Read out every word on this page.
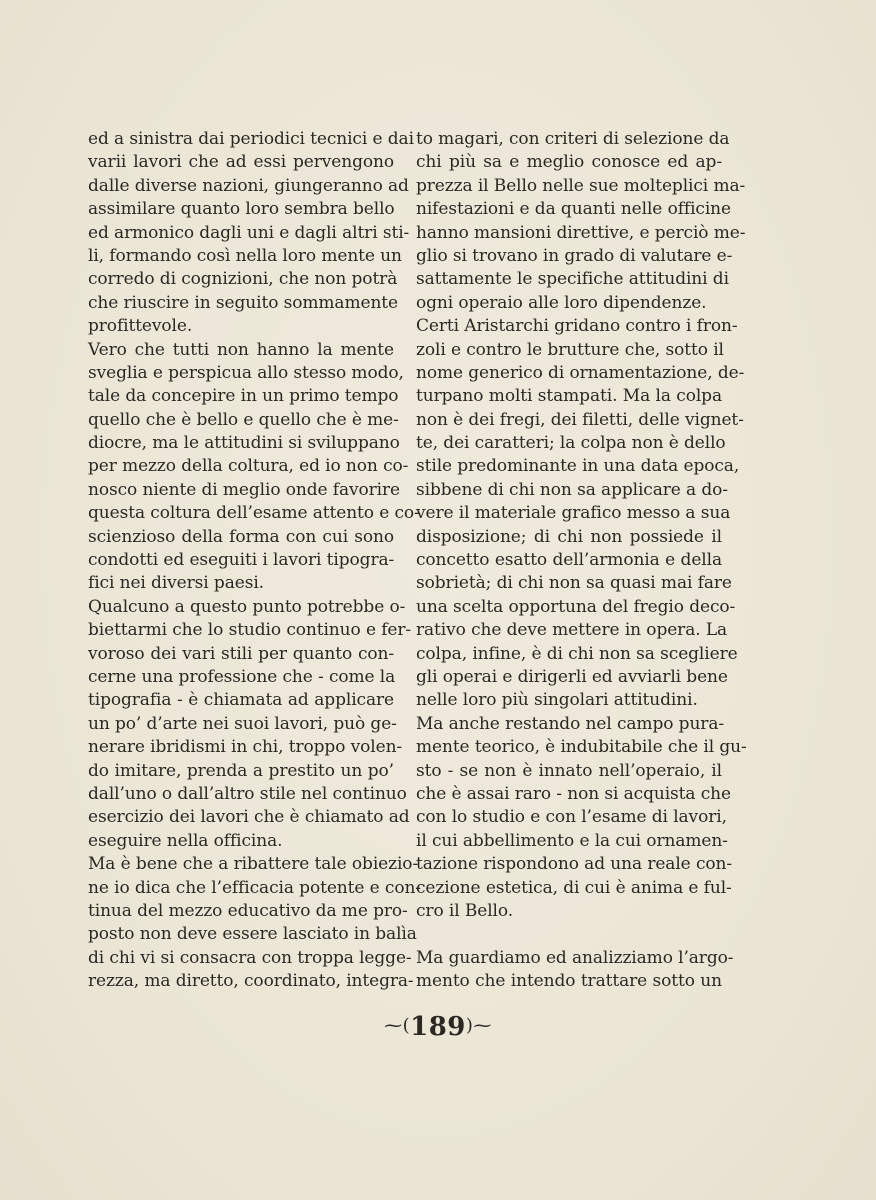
ed a sinistra dai periodici tecnici e dai
varii lavori che ad essi pervengono
dalle diverse nazioni, giungeranno ad
assimilare quanto loro sembra bello
ed armonico dagli uni e dagli altri sti-
li, formando così nella loro mente un
corredo di cognizioni, che non potrà
che riuscire in seguito sommamente
profittevole.
Vero che tutti non hanno la mente
sveglia e perspicua allo stesso modo,
tale da concepire in un primo tempo
quello che è bello e quello che è me-
diocre, ma le attitudini si sviluppano
per mezzo della coltura, ed io non co-
nosco niente di meglio onde favorire
questa coltura dell’esame attento e co-
scienzioso della forma con cui sono
condotti ed eseguiti i lavori tipogra-
fici nei diversi paesi.
Qualcuno a questo punto potrebbe o-
biettarmi che lo studio continuo e fer-
voroso dei vari stili per quanto con-
cerne una professione che - come la
tipografia - è chiamata ad applicare
un po’ d’arte nei suoi lavori, può ge-
nerare ibridismi in chi, troppo volen-
do imitare, prenda a prestito un po’
dall’uno o dall’altro stile nel continuo
esercizio dei lavori che è chiamato ad
eseguire nella officina.
Ma è bene che a ribattere tale obiezio-
ne io dica che l’efficacia potente e con-
tinua del mezzo educativo da me pro-
posto non deve essere lasciato in balìa
di chi vi si consacra con troppa legge-
rezza, ma diretto, coordinato, integra-
to magari, con criteri di selezione da
chi più sa e meglio conosce ed ap-
prezza il Bello nelle sue molteplici ma-
nifestazioni e da quanti nelle officine
hanno mansioni direttive, e perciò me-
glio si trovano in grado di valutare e-
sattamente le specifiche attitudini di
ogni operaio alle loro dipendenze.
Certi Aristarchi gridano contro i fron-
zoli e contro le brutture che, sotto il
nome generico di ornamentazione, de-
turpano molti stampati. Ma la colpa
non è dei fregi, dei filetti, delle vignet-
te, dei caratteri; la colpa non è dello
stile predominante in una data epoca,
sibbene di chi non sa applicare a do-
vere il materiale grafico messo a sua
disposizione; di chi non possiede il
concetto esatto dell’armonia e della
sobrietà; di chi non sa quasi mai fare
una scelta opportuna del fregio deco-
rativo che deve mettere in opera. La
colpa, infine, è di chi non sa scegliere
gli operai e dirigerli ed avviarli bene
nelle loro più singolari attitudini.
Ma anche restando nel campo pura-
mente teorico, è indubitabile che il gu-
sto - se non è innato nell’operaio, il
che è assai raro - non si acquista che
con lo studio e con l’esame di lavori,
il cui abbellimento e la cui ornamen-
tazione rispondono ad una reale con-
cezione estetica, di cui è anima e ful-
cro il Bello.
Ma guardiamo ed analizziamo l’argo-
mento che intendo trattare sotto un
⁓(189)⁓
